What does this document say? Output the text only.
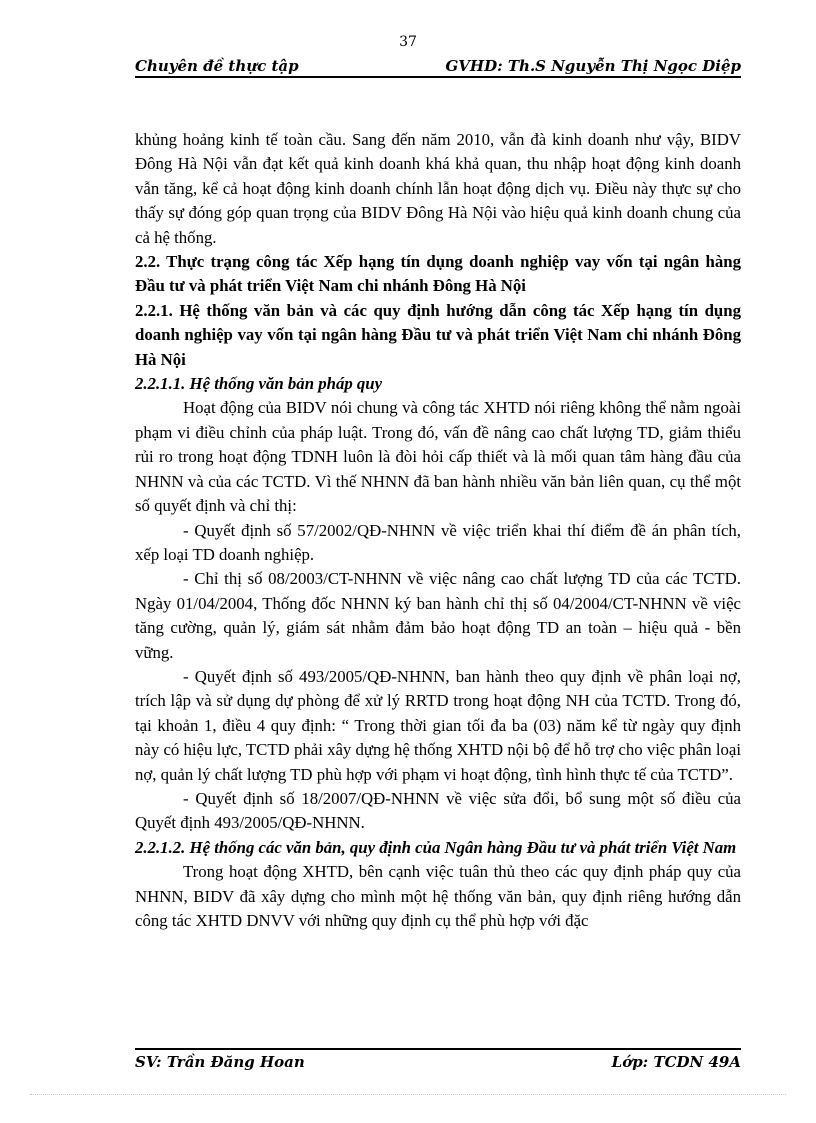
37
Chuyên đề thực tập	GVHD: Th.S Nguyễn Thị Ngọc Diệp

khủng hoảng kinh tế toàn cầu. Sang đến năm 2010, vẫn đà kinh doanh như vậy, BIDV Đông Hà Nội vẫn đạt kết quả kinh doanh khá khả quan, thu nhập hoạt động kinh doanh vẫn tăng, kể cả hoạt động kinh doanh chính lẫn hoạt động dịch vụ. Điều này thực sự cho thấy sự đóng góp quan trọng của BIDV Đông Hà Nội vào hiệu quả kinh doanh chung của cả hệ thống.

2.2. Thực trạng công tác Xếp hạng tín dụng doanh nghiệp vay vốn tại ngân hàng Đầu tư và phát triển Việt Nam chi nhánh Đông Hà Nội

2.2.1. Hệ thống văn bản và các quy định hướng dẫn công tác Xếp hạng tín dụng doanh nghiệp vay vốn tại ngân hàng Đầu tư và phát triển Việt Nam chi nhánh Đông Hà Nội

2.2.1.1. Hệ thống văn bản pháp quy

Hoạt động của BIDV nói chung và công tác XHTD nói riêng không thể nằm ngoài phạm vi điều chỉnh của pháp luật. Trong đó, vấn đề nâng cao chất lượng TD, giảm thiểu rủi ro trong hoạt động TDNH luôn là đòi hỏi cấp thiết và là mối quan tâm hàng đầu của NHNN và của các TCTD. Vì thế NHNN đã ban hành nhiều văn bản liên quan, cụ thể một số quyết định và chỉ thị:

- Quyết định số 57/2002/QĐ-NHNN về việc triển khai thí điểm đề án phân tích, xếp loại TD doanh nghiệp.

- Chỉ thị số 08/2003/CT-NHNN về việc nâng cao chất lượng TD của các TCTD. Ngày 01/04/2004, Thống đốc NHNN ký ban hành chỉ thị số 04/2004/CT-NHNN về việc tăng cường, quản lý, giám sát nhằm đảm bảo hoạt động TD an toàn – hiệu quả - bền vững.

- Quyết định số 493/2005/QĐ-NHNN, ban hành theo quy định về phân loại nợ, trích lập và sử dụng dự phòng để xử lý RRTD trong hoạt động NH của TCTD. Trong đó, tại khoản 1, điều 4 quy định: “ Trong thời gian tối đa ba (03) năm kể từ ngày quy định này có hiệu lực, TCTD phải xây dựng hệ thống XHTD nội bộ để hỗ trợ cho việc phân loại nợ, quản lý chất lượng TD phù hợp với phạm vi hoạt động, tình hình thực tế của TCTD”.

- Quyết định số 18/2007/QĐ-NHNN về việc sửa đổi, bổ sung một số điều của Quyết định 493/2005/QĐ-NHNN.

2.2.1.2. Hệ thống các văn bản, quy định của Ngân hàng Đầu tư và phát triển Việt Nam

Trong hoạt động XHTD, bên cạnh việc tuân thủ theo các quy định pháp quy của NHNN, BIDV đã xây dựng cho mình một hệ thống văn bản, quy định riêng hướng dẫn công tác XHTD DNVV với những quy định cụ thể phù hợp với đặc

SV: Trần Đăng Hoan	Lớp: TCDN 49A
